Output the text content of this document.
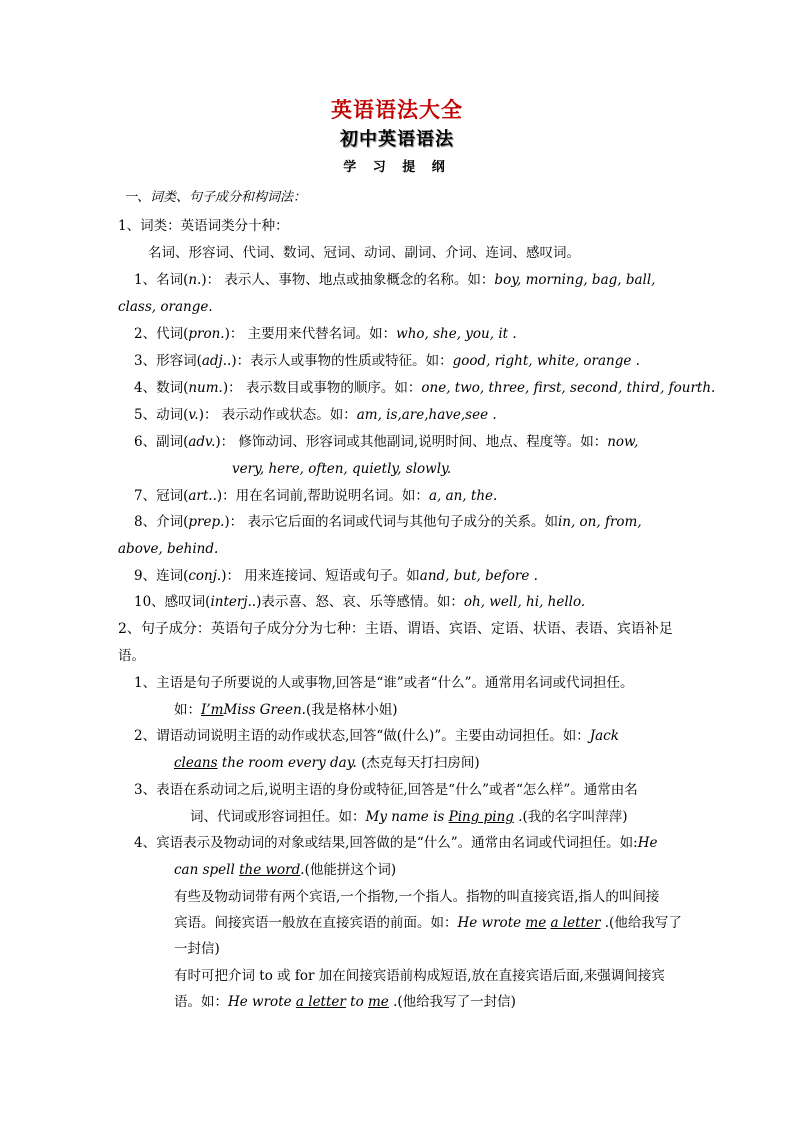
英语语法大全
初中英语语法
学 习 提 纲
一、词类、句子成分和构词法：
1、词类：英语词类分十种：
名词、形容词、代词、数词、冠词、动词、副词、介词、连词、感叹词。
1、名词(n.)： 表示人、事物、地点或抽象概念的名称。如：boy, morning, bag, ball,
class, orange.
2、代词(pron.)： 主要用来代替名词。如：who, she, you, it .
3、形容词(adj..)：表示人或事物的性质或特征。如：good, right, white, orange .
4、数词(num.)： 表示数目或事物的顺序。如：one, two, three, first, second, third, fourth.
5、动词(v.)： 表示动作或状态。如：am, is,are,have,see .
6、副词(adv.)： 修饰动词、形容词或其他副词,说明时间、地点、程度等。如：now,
very, here, often, quietly, slowly.
7、冠词(art..)：用在名词前,帮助说明名词。如：a, an, the.
8、介词(prep.)： 表示它后面的名词或代词与其他句子成分的关系。如in, on, from,
above, behind.
9、连词(conj.)： 用来连接词、短语或句子。如and, but, before .
10、感叹词(interj..)表示喜、怒、哀、乐等感情。如：oh, well, hi, hello.
2、句子成分：英语句子成分分为七种：主语、谓语、宾语、定语、状语、表语、宾语补足
语。
1、主语是句子所要说的人或事物,回答是“谁”或者“什么”。通常用名词或代词担任。
如：I’mMiss Green.(我是格林小姐)
2、谓语动词说明主语的动作或状态,回答“做(什么)”。主要由动词担任。如：Jack
cleans the room every day. (杰克每天打扫房间)
3、表语在系动词之后,说明主语的身份或特征,回答是“什么”或者“怎么样”。通常由名
词、代词或形容词担任。如：My name is Ping ping .(我的名字叫萍萍)
4、宾语表示及物动词的对象或结果,回答做的是“什么”。通常由名词或代词担任。如:He
can spell the word.(他能拼这个词)
有些及物动词带有两个宾语,一个指物,一个指人。指物的叫直接宾语,指人的叫间接
宾语。间接宾语一般放在直接宾语的前面。如：He wrote me a letter .(他给我写了
一封信)
有时可把介词 to 或 for 加在间接宾语前构成短语,放在直接宾语后面,来强调间接宾
语。如：He wrote a letter to me .(他给我写了一封信)
